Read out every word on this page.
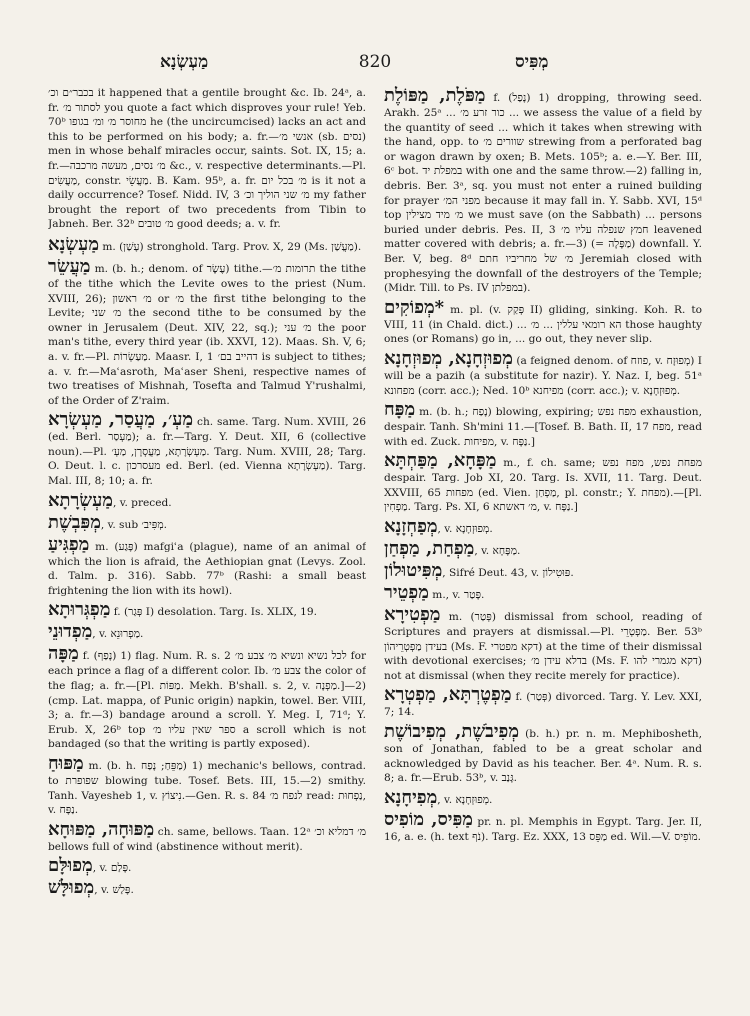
מַעְשְׂנָא	820	מְפִּיס

בכבר״ם וכ׳ it happened that a gentile brought &c. Ib. 24ᵃ, a. fr. לסתור מ׳ you quote a fact which disproves your rule! Yeb. 70ᵇ מחוסר מ׳ ומ׳ בגופו he (the uncircumcised) lacks an act and this to be performed on his body; a. fr.—אנשי מ׳ (sb. נסים) men in whose behalf miracles occur, saints. Sot. IX, 15; a. fr.—מ׳ נסים, מעשה מרכבה &c., v. respective determinants.—Pl. מַעֲשִׂים, constr. מַעֲשֵׂי. B. Kam. 95ᵇ, a. fr. מ׳ בכל יום is it not a daily occurrence? Tosef. Nidd. IV, 3 מ׳ שני הוליך וכ׳ my father brought the report of two precedents from Tibin to Jabneh. Ber. 32ᵇ מ׳ טובים good deeds; a. v. fr.

מַעְשְׂנָא m. (עָשַׁן) stronghold. Targ. Prov. X, 29 (Ms. מַעֲשַׁן).

מַעֲשֵׂר m. (b. h.; denom. of עֶשֶׂר) tithe.—תרומות מ׳ the tithe of the tithe which the Levite owes to the priest (Num. XVIII, 26); מ׳ ראשון or מ׳ the first tithe belonging to the Levite; מ׳ שני the second tithe to be consumed by the owner in Jerusalem (Deut. XIV, 22, sq.); מ׳ עני the poor man's tithe, every third year (ib. XXVI, 12). Maas. Sh. V, 6; a. v. fr.—Pl. מַעַשְׂרוֹת. Maasr. I, 1 דהייב בם׳ is subject to tithes; a. v. fr.—Maʿasroth, Maʿaser Sheni, respective names of two treatises of Mishnah, Tosefta and Talmud Y'rushalmi, of the Order of Z'raim.

מַעְ׳, מַעֲסַר, מַעְשְׂרָא ch. same. Targ. Num. XVIII, 26 (ed. Berl. מַעְסַר); a. fr.—Targ. Y. Deut. XII, 6 (collective noun).—Pl. מַעְשְׂרָתָא, מַעֲסְרָן, מַעְ׳. Targ. Num. XVIII, 28; Targ. O. Deut. l. c. מעסרכון ed. Berl. (ed. Vienna מַעְשְׂרָתָא). Targ. Mal. III, 8; 10; a. fr.

מַעְשְׂרָתָא, v. preced.

מְפִּבְשֶׁת, v. sub מְפִּיב׳.

מַפְגִּיעַ m. (פָּגַע) mafgiʿa (plague), name of an animal of which the lion is afraid, the Aethiopian gnat (Levys. Zool. d. Talm. p. 316). Sabb. 77ᵇ (Rashi: a small beast frightening the lion with its howl).

מַפְגְּרוּתָא f. (פְּגַר I) desolation. Targ. Is. XLIX, 19.

מַפְדוּנֵי, v. מַפְרוּנֵא.

מַפָּה f. (נָפַף) 1) flag. Num. R. s. 2 לכל נשיא ונשיא מ׳ צבע מ׳ for each prince a flag of a different color. Ib. צבע מ׳ the color of the flag; a. fr.—[Pl. מַפּוֹת. Mekh. B'shall. s. 2, v. מַפְנָה.]—2) (cmp. Lat. mappa, of Punic origin) napkin, towel. Ber. VIII, 3; a. fr.—3) bandage around a scroll. Y. Meg. I, 71ᵈ; Y. Erub. X, 26ᵇ top ספר שאין עליו מ׳ a scroll which is not bandaged (so that the writing is partly exposed).

מַפּוּחַ m. (b. h. מַפֵּחַ; נָפַח) 1) mechanic's bellows, contrad. to שפופרת blowing tube. Tosef. Bets. III, 15.—2) smithy. Tanh. Vayesheb 1, v. נִיצוֹץ.—Gen. R. s. 84 לנפח מ׳ read: נַפְחוּת, v. נַפָּח.

מַפּוּחָה, מַפּוּחָא ch. same, bellows. Taan. 12ᵃ מ׳ דמליא וכ׳ bellows full of wind (abstinence without merit).

מְפוּלָּם, v. פָּלַם.

מְפוּלָּשׁ, v. פָּלַשׁ.

מַפֹּלֶת, מַפּוֹלֶת f. (נָפַל) 1) dropping, throwing seed. Arakh. 25ᵃ ... כור זרע מ׳ ... we assess the value of a field by the quantity of seed ... which it takes when strewing with the hand, opp. to שוורים מ׳ strewing from a perforated bag or wagon drawn by oxen; B. Mets. 105ᵇ; a. e.—Y. Ber. III, 6ᶜ bot. במפלת יד with one and the same throw.—2) falling in, debris. Ber. 3ᵃ, sq. you must not enter a ruined building for prayer מפני המ׳ because it may fall in. Y. Sabb. XVI, 15ᵈ top מ׳ מיד מצילין we must save (on the Sabbath) ... persons buried under debris. Pes. II, 3 חמץ שנפלה עליו מ׳ leavened matter covered with debris; a. fr.—3) (= מַפָּלָה) downfall. Y. Ber. V, beg. 8ᵈ מ׳ של מחריביו חתם Jeremiah closed with prophesying the downfall of the destroyers of the Temple; (Midr. Till. to Ps. IV במפלתן).

*מְפוֹקִים m. pl. (v. פְּקַק II) gliding, sinking. Koh. R. to VIII, 11 (in Chald. dict.) ... הא רומאי עללין ... מ׳ those haughty ones (or Romans) go in, ... go out, they never slip.

מְפוּזְחָנָא, מְפוּזְחָנָא (a feigned denom. of פוזח, v. מְפוּזָח) I will be a pazih (a substitute for nazir). Y. Naz. I, beg. 51ᵃ מפחונא (corr. acc.); Ned. 10ᵇ מפיחנא (corr. acc.); v. מְפוּזְחָנָא.

מַפָּח m. (b. h.; נָפַח) blowing, expiring; מפח נפש exhaustion, despair. Tanh. Sh'mini 11.—[Tosef. B. Bath. II, 17 מפח, read with ed. Zuck. מפיחות, v. נַפָּח.]

מַפָּחָא, מַפַּחְתָּא m., f. ch. same; מפחת נפש, מפח נפש despair. Targ. Job XI, 20. Targ. Is. XVII, 11. Targ. Deut. XXVIII, 65 מפחות (ed. Vien. מַפְחַן, pl. constr.; Y. מפחת).—[Pl. מַפְחִין. Targ. Ps. XI, 6 מ׳ דאשתא, v. נַפָּח.]

מְפַחְזָנָא, v. מְפוּזְחָנָא.

מַפְחַת, מַפְחַן, v. מַפָּחָא.

מְפִּיטוּלוֹן, Sifré Deut. 43, v. פּוּטִילוֹן.

מַפְטֵיר m., v. פָּטַר.

מַפְטִירָא m. (פְּטַר) dismissal from school, reading of Scriptures and prayers at dismissal.—Pl. מַפְטְרֵי. Ber. 53ᵇ בעידן מַפְטְרֵיהוֹן (Ms. F. דקא מפטרי) at the time of their dismissal with devotional exercises; בדלא עידן מ׳ (Ms. F. דקא מגמרי להו) not at dismissal (when they recite merely for practice).

מַפְטֶרְתָּא, מַפְטְרָא f. (פְּטַר) divorced. Targ. Y. Lev. XXI, 7; 14.

מְפִיבֹשֶׁת, מְפִיבוֹשֶׁת (b. h.) pr. n. m. Mephibosheth, son of Jonathan, fabled to be a great scholar and acknowledged by David as his teacher. Ber. 4ᵃ. Num. R. s. 8; a. fr.—Erub. 53ᵇ, v. גָּנַב.

מְפִיחָנָא, v. מְפוּזְחָנָא.

מַפִּיס, מוֹפִיס pr. n. pl. Memphis in Egypt. Targ. Jer. II, 16, a. e. (h. text נֹף). Targ. Ez. XXX, 13 מַפֵּס ed. Wil.—V. מוֹפִיס.
